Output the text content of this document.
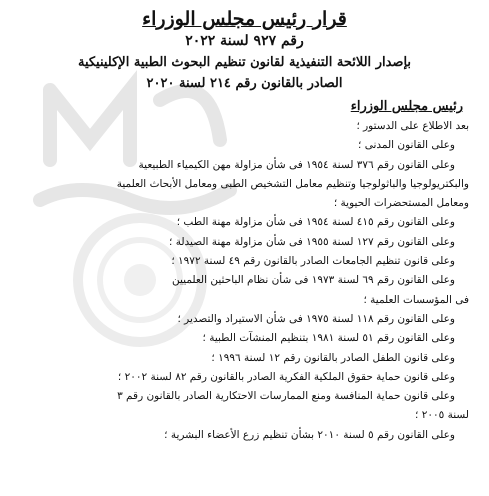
قرار رئيس مجلس الوزراء
رقم ٩٢٧ لسنة ٢٠٢٢
بإصدار اللائحة التنفيذية لقانون تنظيم البحوث الطبية الإكلينيكية
الصادر بالقانون رقم ٢١٤ لسنة ٢٠٢٠
رئيس مجلس الوزراء
بعد الاطلاع على الدستور ؛
وعلى القانون المدنى ؛
وعلى القانون رقم ٣٧٦ لسنة ١٩٥٤ فى شأن مزاولة مهن الكيمياء الطبيعية
والبكتريولوجيا والباثولوجيا وتنظيم معامل التشخيص الطبى ومعامل الأبحاث العلمية
ومعامل المستحضرات الحيوية ؛
وعلى القانون رقم ٤١٥ لسنة ١٩٥٤ فى شأن مزاولة مهنة الطب ؛
وعلى القانون رقم ١٢٧ لسنة ١٩٥٥ فى شأن مزاولة مهنة الصيدلة ؛
وعلى قانون تنظيم الجامعات الصادر بالقانون رقم ٤٩ لسنة ١٩٧٢ ؛
وعلى القانون رقم ٦٩ لسنة ١٩٧٣ فى شأن نظام الباحثين العلميين
فى المؤسسات العلمية ؛
وعلى القانون رقم ١١٨ لسنة ١٩٧٥ فى شأن الاستيراد والتصدير ؛
وعلى القانون رقم ٥١ لسنة ١٩٨١ بتنظيم المنشآت الطبية ؛
وعلى قانون الطفل الصادر بالقانون رقم ١٢ لسنة ١٩٩٦ ؛
وعلى قانون حماية حقوق الملكية الفكرية الصادر بالقانون رقم ٨٢ لسنة ٢٠٠٢ ؛
وعلى قانون حماية المنافسة ومنع الممارسات الاحتكارية الصادر بالقانون رقم ٣
لسنة ٢٠٠٥ ؛
وعلى القانون رقم ٥ لسنة ٢٠١٠ بشأن تنظيم زرع الأعضاء البشرية ؛
